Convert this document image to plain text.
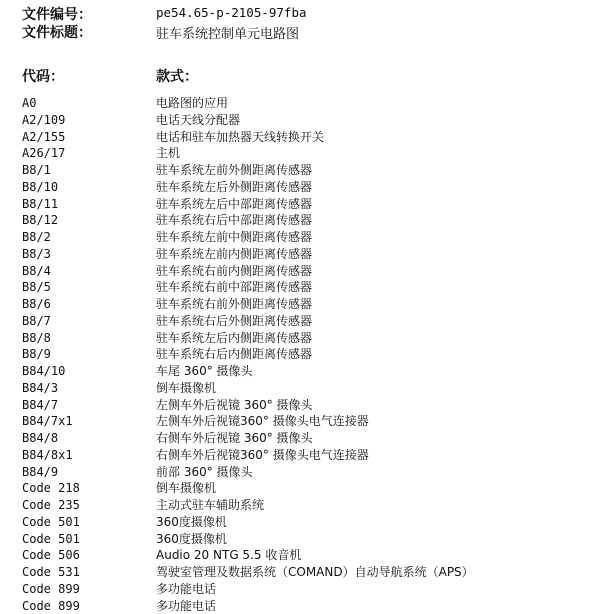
文件编号：	pe54.65-p-2105-97fba
文件标题：	驻车系统控制单元电路图
代码：	款式：
A0	电路图的应用
A2/109	电话天线分配器
A2/155	电话和驻车加热器天线转换开关
A26/17	主机
B8/1	驻车系统左前外侧距离传感器
B8/10	驻车系统左后外侧距离传感器
B8/11	驻车系统左后中部距离传感器
B8/12	驻车系统右后中部距离传感器
B8/2	驻车系统左前中侧距离传感器
B8/3	驻车系统左前内侧距离传感器
B8/4	驻车系统右前内侧距离传感器
B8/5	驻车系统右前中部距离传感器
B8/6	驻车系统右前外侧距离传感器
B8/7	驻车系统右后外侧距离传感器
B8/8	驻车系统左后内侧距离传感器
B8/9	驻车系统右后内侧距离传感器
B84/10	车尾 360° 摄像头
B84/3	倒车摄像机
B84/7	左侧车外后视镜 360° 摄像头
B84/7x1	左侧车外后视镜360° 摄像头电气连接器
B84/8	右侧车外后视镜 360° 摄像头
B84/8x1	右侧车外后视镜360° 摄像头电气连接器
B84/9	前部 360° 摄像头
Code 218	倒车摄像机
Code 235	主动式驻车辅助系统
Code 501	360度摄像机
Code 501	360度摄像机
Code 506	Audio 20 NTG 5.5 收音机
Code 531	驾驶室管理及数据系统（COMAND）自动导航系统（APS）
Code 899	多功能电话
Code 899	多功能电话
